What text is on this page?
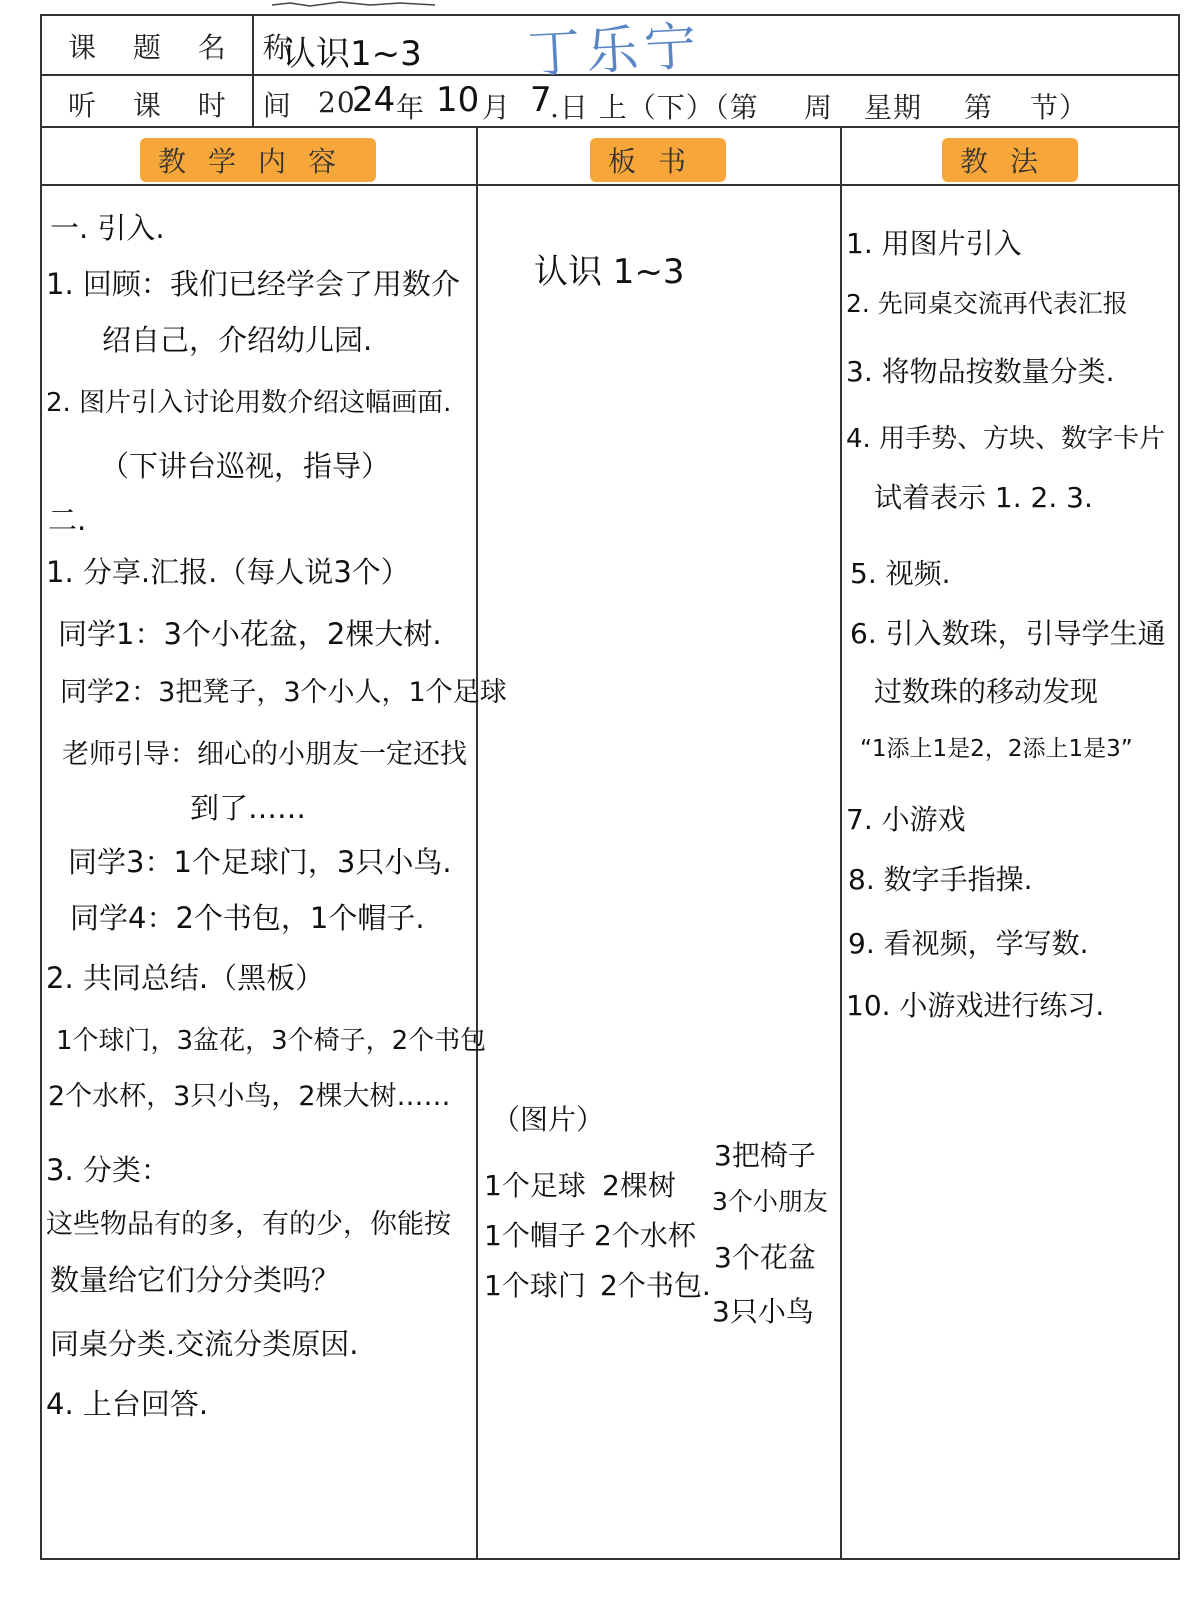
课 题 名 称
认识1~3 丁乐宁
听 课 时 间 20
24 年 10 月 7
.日 上（下）（第 周 星期 第 节）
教学内容	板书	教法
一. 引入.
1. 回顾：我们已经学会了用数介
绍自己，介绍幼儿园.
2. 图片引入讨论用数介绍这幅画面.
（下讲台巡视，指导）
二.
1. 分享.汇报.（每人说3个）
同学1：3个小花盆，2棵大树.
同学2：3把凳子，3个小人，1个足球
老师引导：细心的小朋友一定还找
到了……
同学3：1个足球门，3只小鸟.
同学4：2个书包，1个帽子.
2. 共同总结.（黑板）
1个球门，3盆花，3个椅子，2个书包
2个水杯，3只小鸟，2棵大树……
3. 分类：
这些物品有的多，有的少，你能按
数量给它们分分类吗？
同桌分类.交流分类原因.
4. 上台回答.
认识 1~3
（图片）
1个足球
1个帽子
1个球门
2棵树
2个水杯
2个书包.
3把椅子
3个小朋友
3个花盆
3只小鸟
1. 用图片引入
2. 先同桌交流再代表汇报
3. 将物品按数量分类.
4. 用手势、方块、数字卡片
试着表示 1. 2. 3.
5. 视频.
6. 引入数珠，引导学生通
过数珠的移动发现
“1添上1是2，2添上1是3”
7. 小游戏
8. 数字手指操.
9. 看视频，学写数.
10. 小游戏进行练习.
